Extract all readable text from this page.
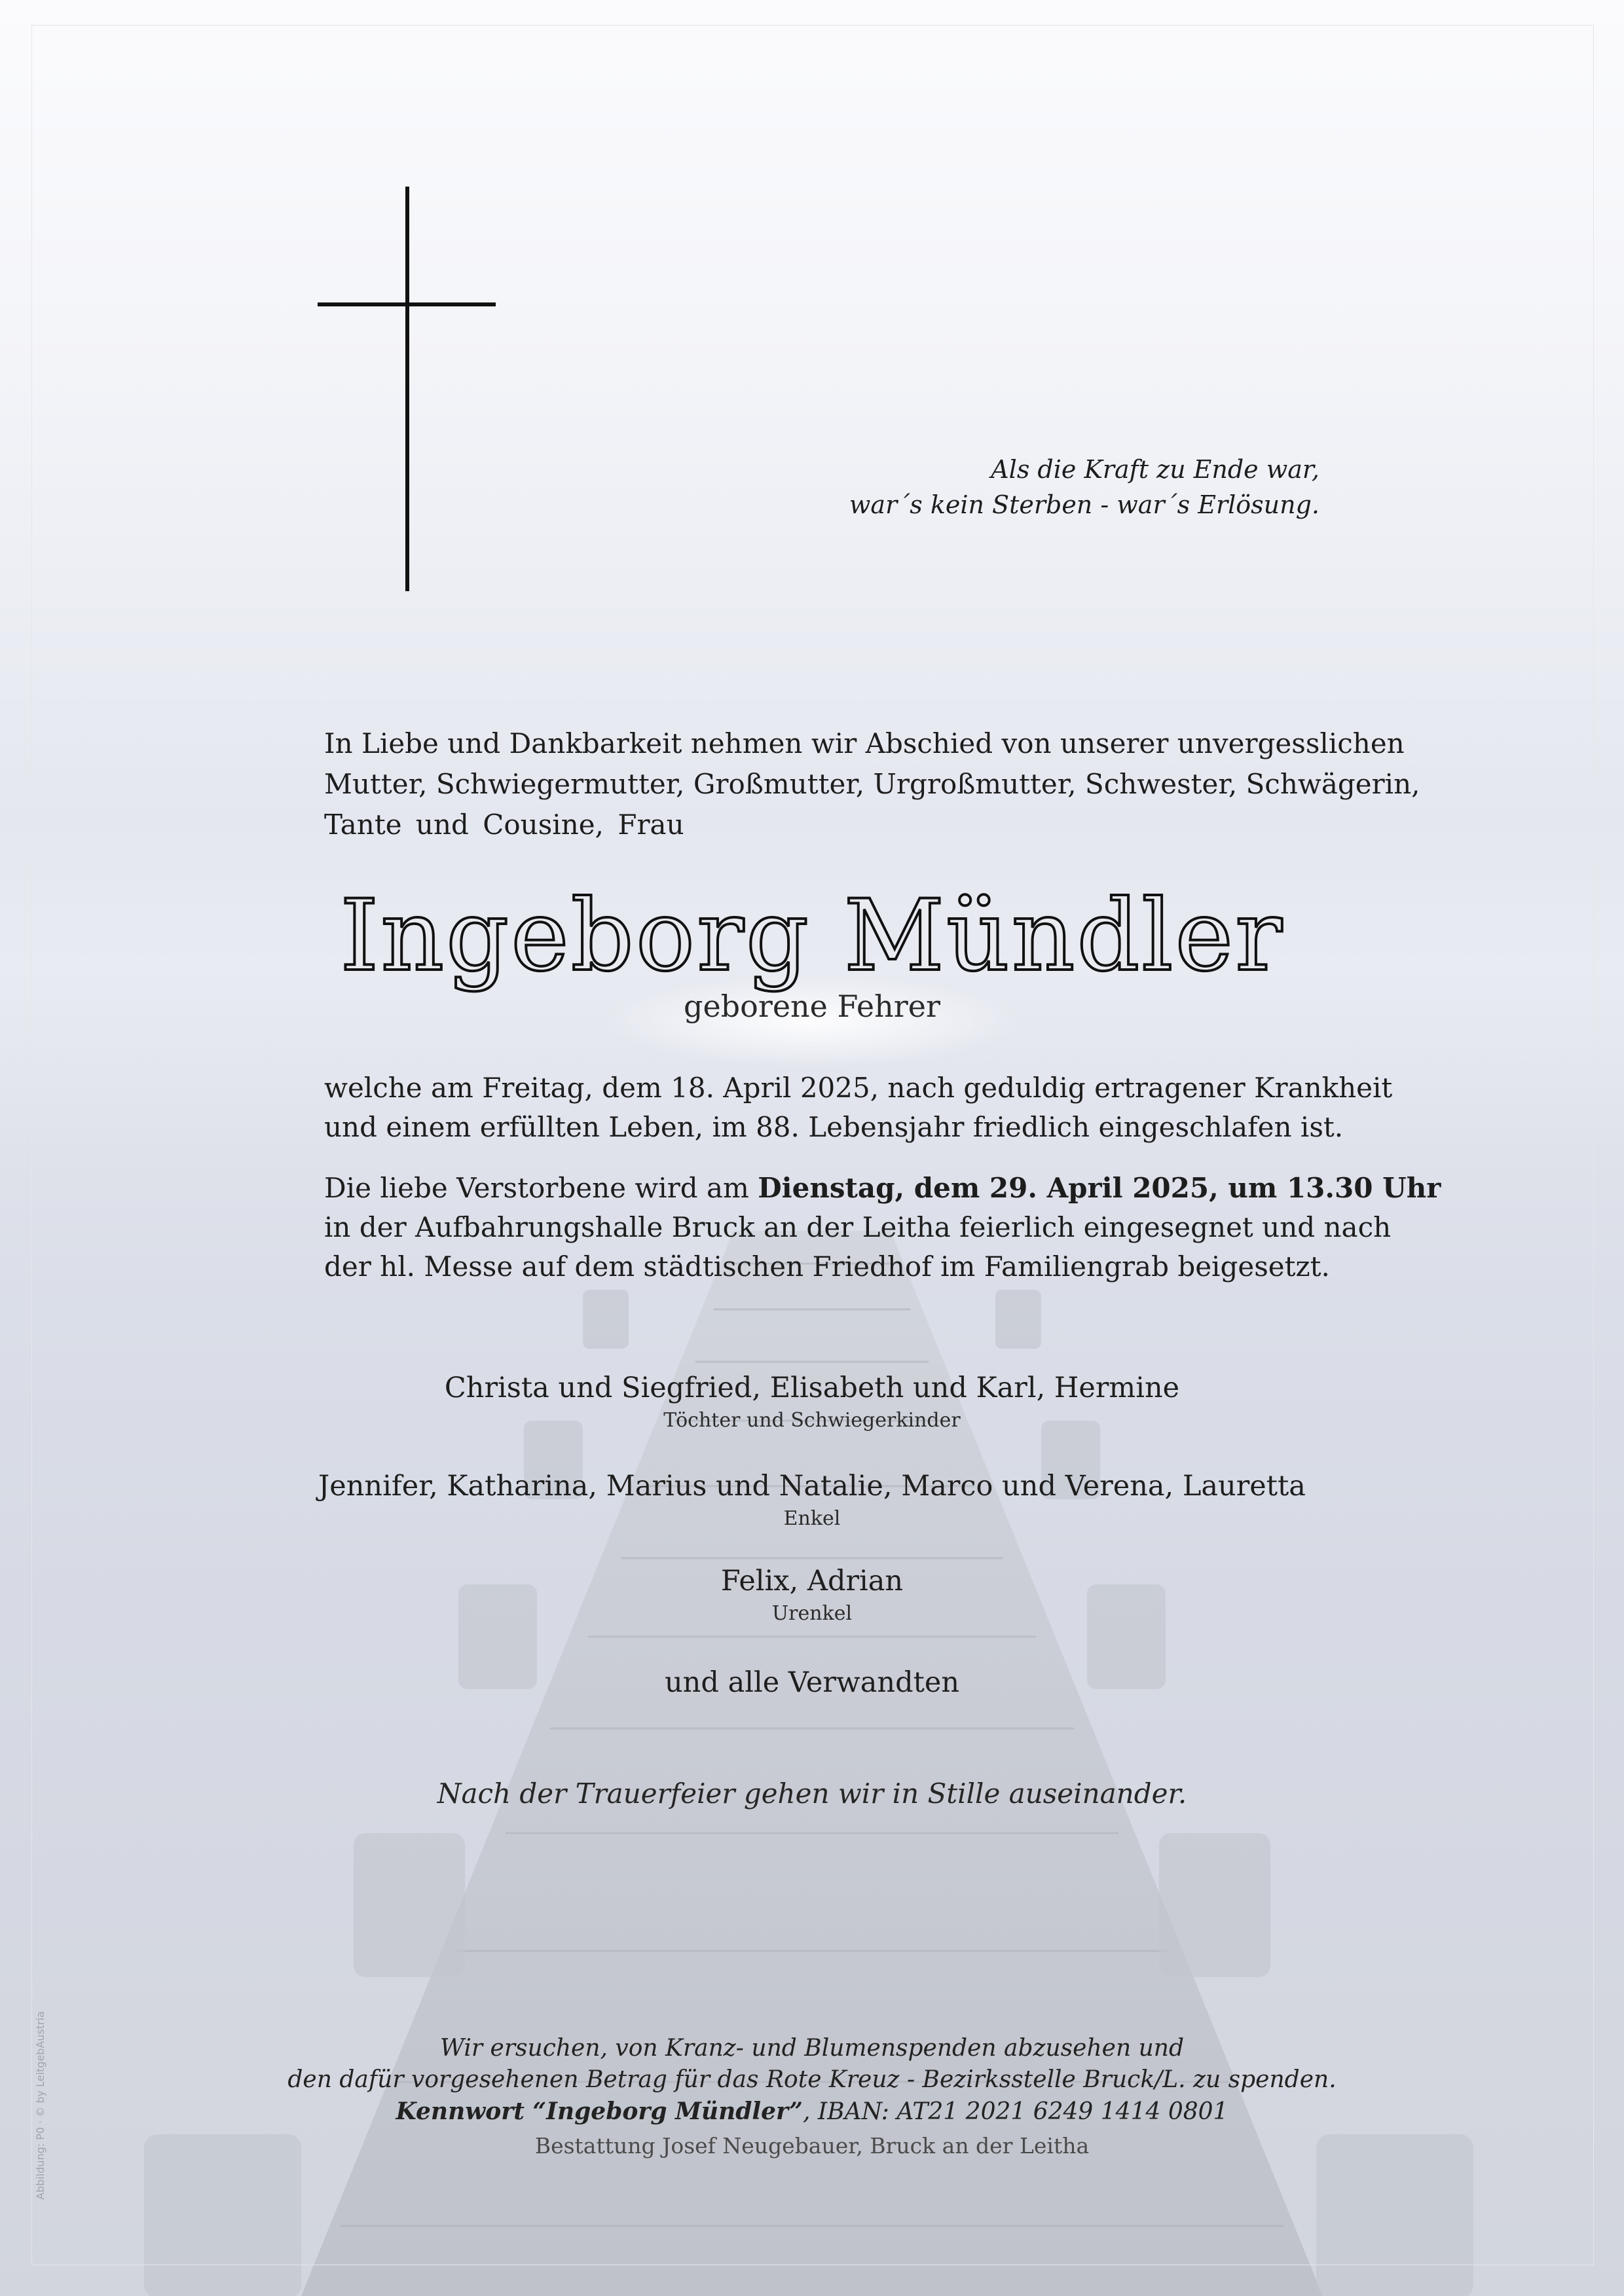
Als die Kraft zu Ende war,
war´s kein Sterben - war´s Erlösung.
In Liebe und Dankbarkeit nehmen wir Abschied von unserer unvergesslichen
Mutter, Schwiegermutter, Großmutter, Urgroßmutter, Schwester, Schwägerin,
Tante und Cousine, Frau
Ingeborg Mündler
geborene Fehrer
welche am Freitag, dem 18. April 2025, nach geduldig ertragener Krankheit
und einem erfüllten Leben, im 88. Lebensjahr friedlich eingeschlafen ist.
Die liebe Verstorbene wird am Dienstag, dem 29. April 2025, um 13.30 Uhr
in der Aufbahrungshalle Bruck an der Leitha feierlich eingesegnet und nach
der hl. Messe auf dem städtischen Friedhof im Familiengrab beigesetzt.
Christa und Siegfried, Elisabeth und Karl, Hermine
Töchter und Schwiegerkinder
Jennifer, Katharina, Marius und Natalie, Marco und Verena, Lauretta
Enkel
Felix, Adrian
Urenkel
und alle Verwandten
Nach der Trauerfeier gehen wir in Stille auseinander.
Wir ersuchen, von Kranz- und Blumenspenden abzusehen und
den dafür vorgesehenen Betrag für das Rote Kreuz - Bezirksstelle Bruck/L. zu spenden.
Kennwort “Ingeborg Mündler”, IBAN: AT21 2021 6249 1414 0801
Bestattung Josef Neugebauer, Bruck an der Leitha
Abbildung: P0 · © by LeitgebAustria
